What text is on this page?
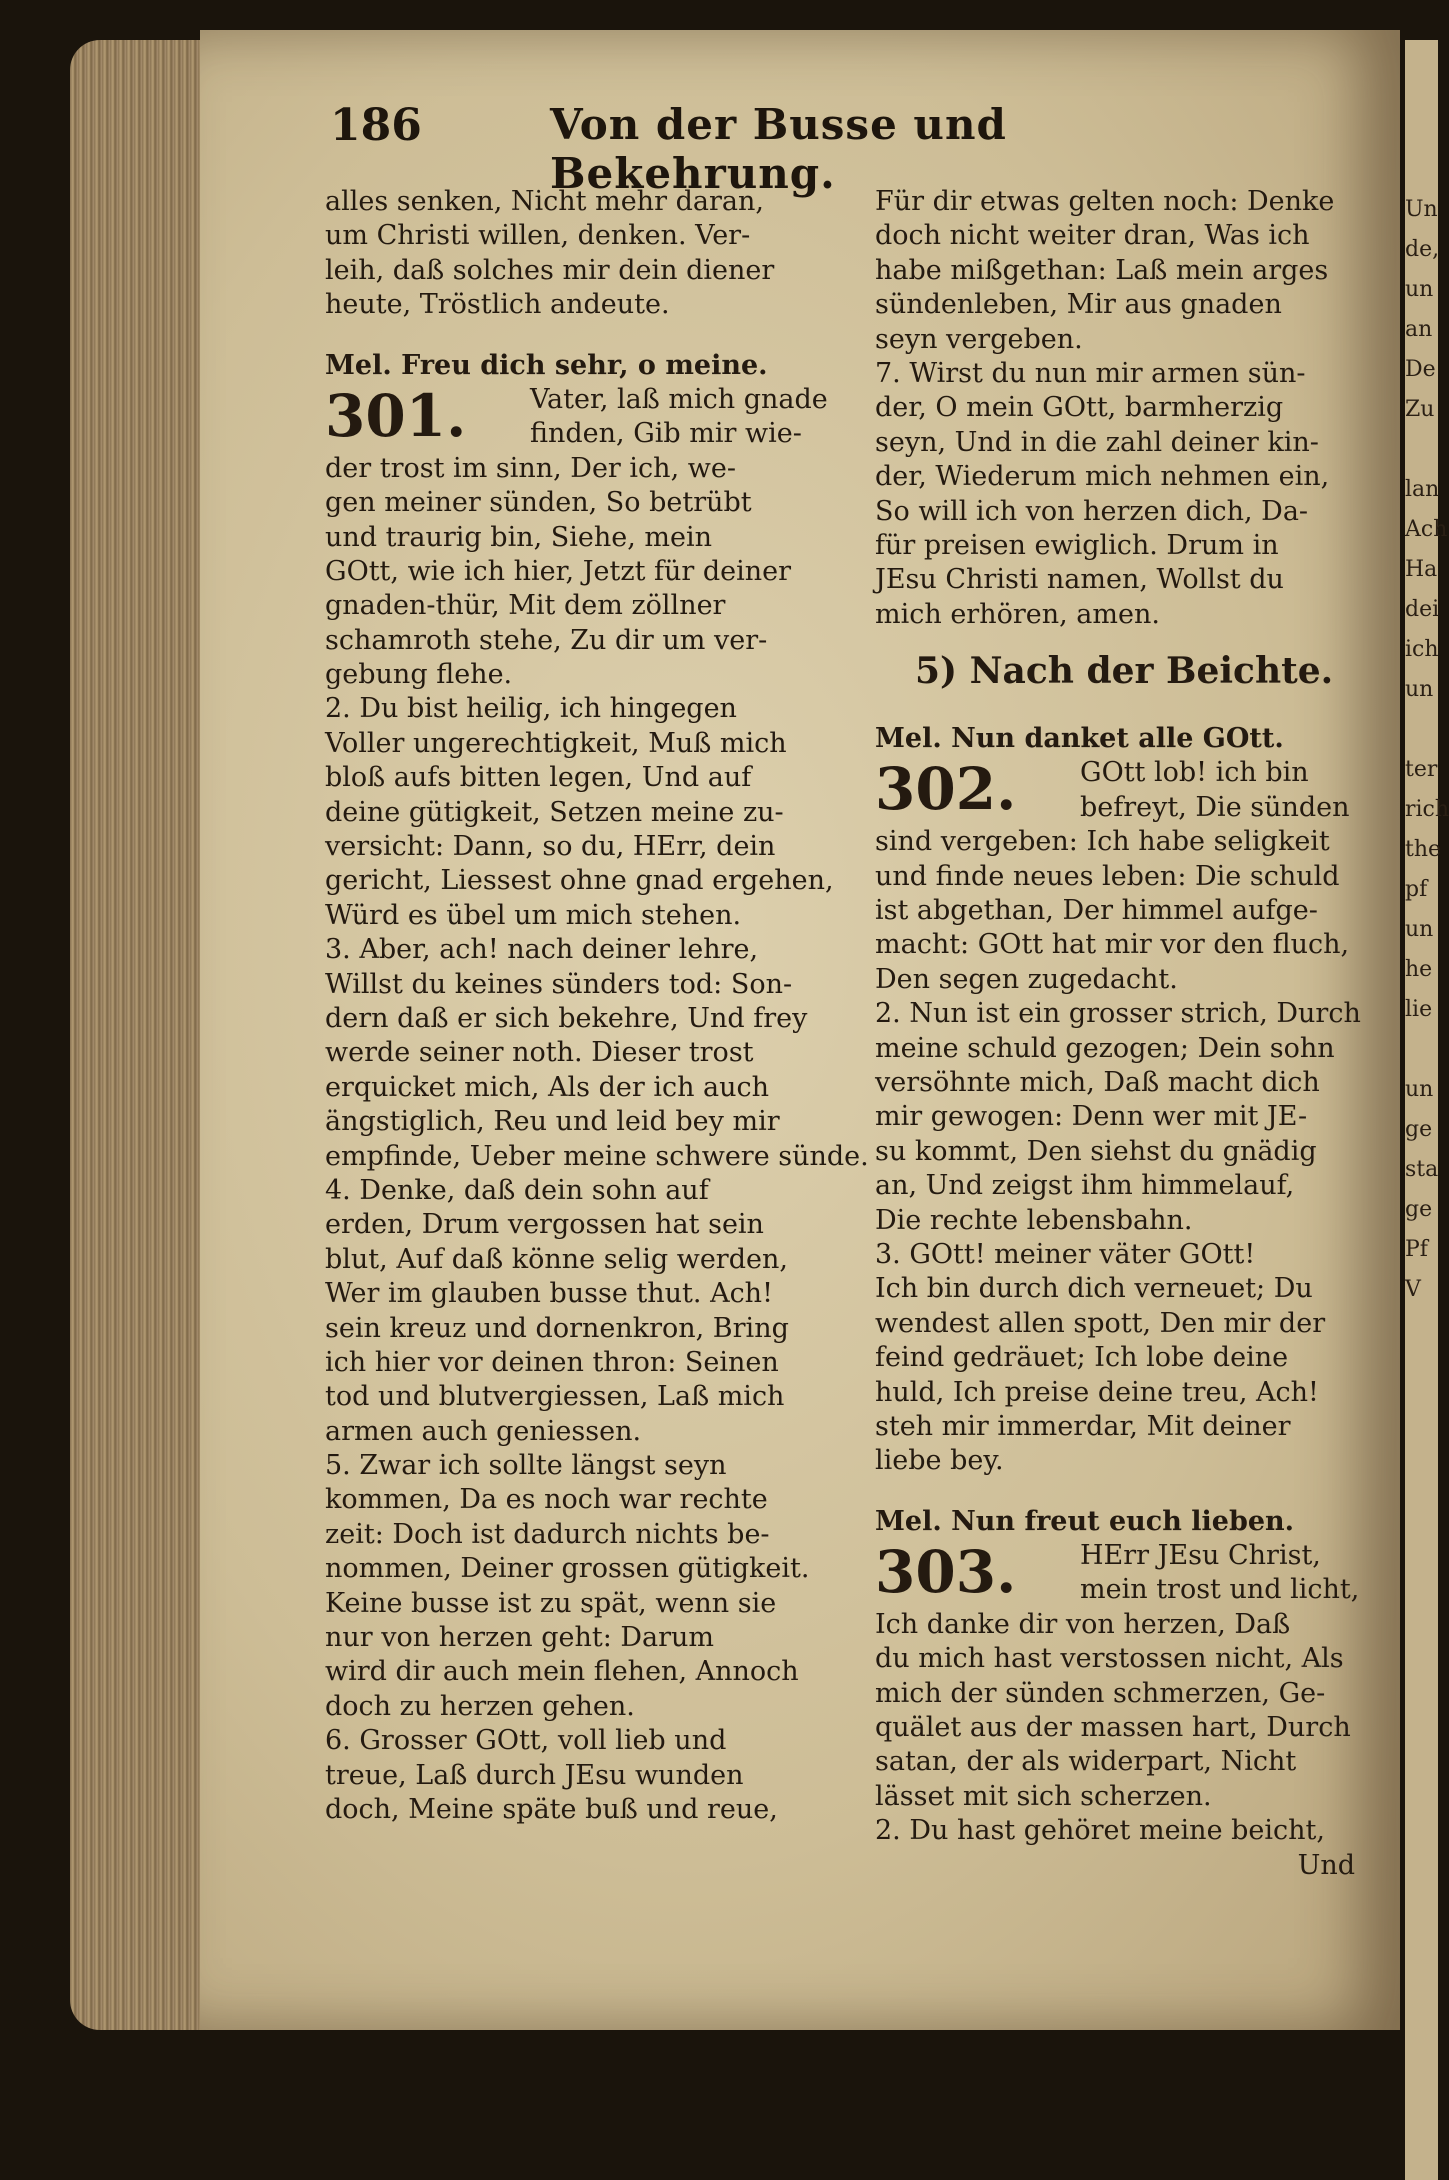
Un
de,
un
an
De
Zu
lan
Ach
Ha
dei
ich
un
ter
rich
the
pf
un
he
lie
un
ge
sta
ge
Pf
V
186	Von der Busse und Bekehrung.
alles senken, Nicht mehr daran,
um Christi willen, denken. Ver-
leih, daß solches mir dein diener
heute, Tröstlich andeute.
Mel. Freu dich sehr, o meine.
301.	Vater, laß mich gnade
finden, Gib mir wie-
der trost im sinn, Der ich, we-
gen meiner sünden, So betrübt
und traurig bin, Siehe, mein
GOtt, wie ich hier, Jetzt für deiner
gnaden-thür, Mit dem zöllner
schamroth stehe, Zu dir um ver-
gebung flehe.
2. Du bist heilig, ich hingegen
Voller ungerechtigkeit, Muß mich
bloß aufs bitten legen, Und auf
deine gütigkeit, Setzen meine zu-
versicht: Dann, so du, HErr, dein
gericht, Liessest ohne gnad ergehen,
Würd es übel um mich stehen.
3. Aber, ach! nach deiner lehre,
Willst du keines sünders tod: Son-
dern daß er sich bekehre, Und frey
werde seiner noth. Dieser trost
erquicket mich, Als der ich auch
ängstiglich, Reu und leid bey mir
empfinde, Ueber meine schwere sünde.
4. Denke, daß dein sohn auf
erden, Drum vergossen hat sein
blut, Auf daß könne selig werden,
Wer im glauben busse thut. Ach!
sein kreuz und dornenkron, Bring
ich hier vor deinen thron: Seinen
tod und blutvergiessen, Laß mich
armen auch geniessen.
5. Zwar ich sollte längst seyn
kommen, Da es noch war rechte
zeit: Doch ist dadurch nichts be-
nommen, Deiner grossen gütigkeit.
Keine busse ist zu spät, wenn sie
nur von herzen geht: Darum
wird dir auch mein flehen, Annoch
doch zu herzen gehen.
6. Grosser GOtt, voll lieb und
treue, Laß durch JEsu wunden
doch, Meine späte buß und reue,
Für dir etwas gelten noch: Denke
doch nicht weiter dran, Was ich
habe mißgethan: Laß mein arges
sündenleben, Mir aus gnaden
seyn vergeben.
7. Wirst du nun mir armen sün-
der, O mein GOtt, barmherzig
seyn, Und in die zahl deiner kin-
der, Wiederum mich nehmen ein,
So will ich von herzen dich, Da-
für preisen ewiglich. Drum in
JEsu Christi namen, Wollst du
mich erhören, amen.
5) Nach der Beichte.
Mel. Nun danket alle GOtt.
302.	GOtt lob! ich bin
befreyt, Die sünden
sind vergeben: Ich habe seligkeit
und finde neues leben: Die schuld
ist abgethan, Der himmel aufge-
macht: GOtt hat mir vor den fluch,
Den segen zugedacht.
2. Nun ist ein grosser strich, Durch
meine schuld gezogen; Dein sohn
versöhnte mich, Daß macht dich
mir gewogen: Denn wer mit JE-
su kommt, Den siehst du gnädig
an, Und zeigst ihm himmelauf,
Die rechte lebensbahn.
3. GOtt! meiner väter GOtt!
Ich bin durch dich verneuet; Du
wendest allen spott, Den mir der
feind gedräuet; Ich lobe deine
huld, Ich preise deine treu, Ach!
steh mir immerdar, Mit deiner
liebe bey.
Mel. Nun freut euch lieben.
303.	HErr JEsu Christ,
mein trost und licht,
Ich danke dir von herzen, Daß
du mich hast verstossen nicht, Als
mich der sünden schmerzen, Ge-
quälet aus der massen hart, Durch
satan, der als widerpart, Nicht
lässet mit sich scherzen.
2. Du hast gehöret meine beicht,
Und
